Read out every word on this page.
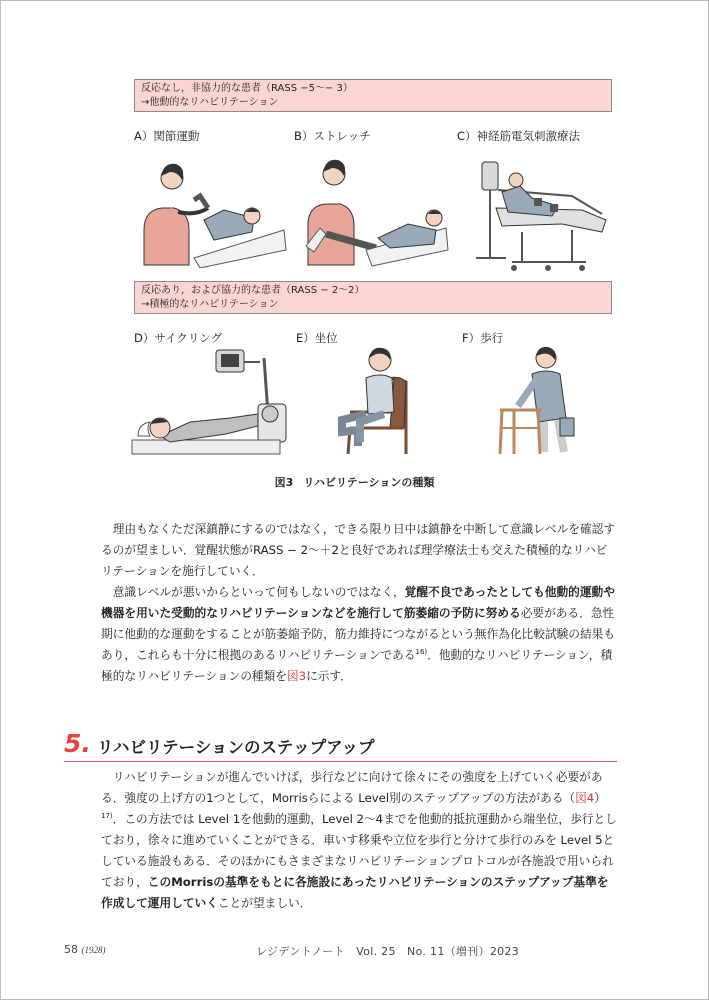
反応なし，非協力的な患者（RASS −5〜− 3）
→他動的なリハビリテーション
A）関節運動	B）ストレッチ	C）神経筋電気刺激療法
反応あり，および協力的な患者（RASS − 2〜2）
→積極的なリハビリテーション
D）サイクリング	E）坐位	F）歩行
図3 リハビリテーションの種類

理由もなくただ深鎮静にするのではなく，できる限り日中は鎮静を中断して意識レベルを確認するのが望ましい．覚醒状態がRASS − 2〜＋2と良好であれば理学療法士も交えた積極的なリハビリテーションを施行していく．

意識レベルが悪いからといって何もしないのではなく，覚醒不良であったとしても他動的運動や機器を用いた受動的なリハビリテーションなどを施行して筋萎縮の予防に努める必要がある．急性期に他動的な運動をすることが筋萎縮予防，筋力維持につながるという無作為化比較試験の結果もあり，これらも十分に根拠のあるリハビリテーションである$^{16)}$．他動的なリハビリテーション，積極的なリハビリテーションの種類を図3に示す．

5. リハビリテーションのステップアップ

リハビリテーションが進んでいけば，歩行などに向けて徐々にその強度を上げていく必要がある．強度の上げ方の1つとして，Morrisらによる Level別のステップアップの方法がある（図4）$^{17)}$．この方法では Level 1を他動的運動，Level 2〜4までを他動的抵抗運動から端坐位，歩行としており，徐々に進めていくことができる．車いす移乗や立位を歩行と分けて歩行のみを Level 5としている施設もある．そのほかにもさまざまなリハビリテーションプロトコルが各施設で用いられており，このMorrisの基準をもとに各施設にあったリハビリテーションのステップアップ基準を作成して運用していくことが望ましい．

58 (1928)	レジデントノート　Vol. 25　No. 11（増刊）2023
